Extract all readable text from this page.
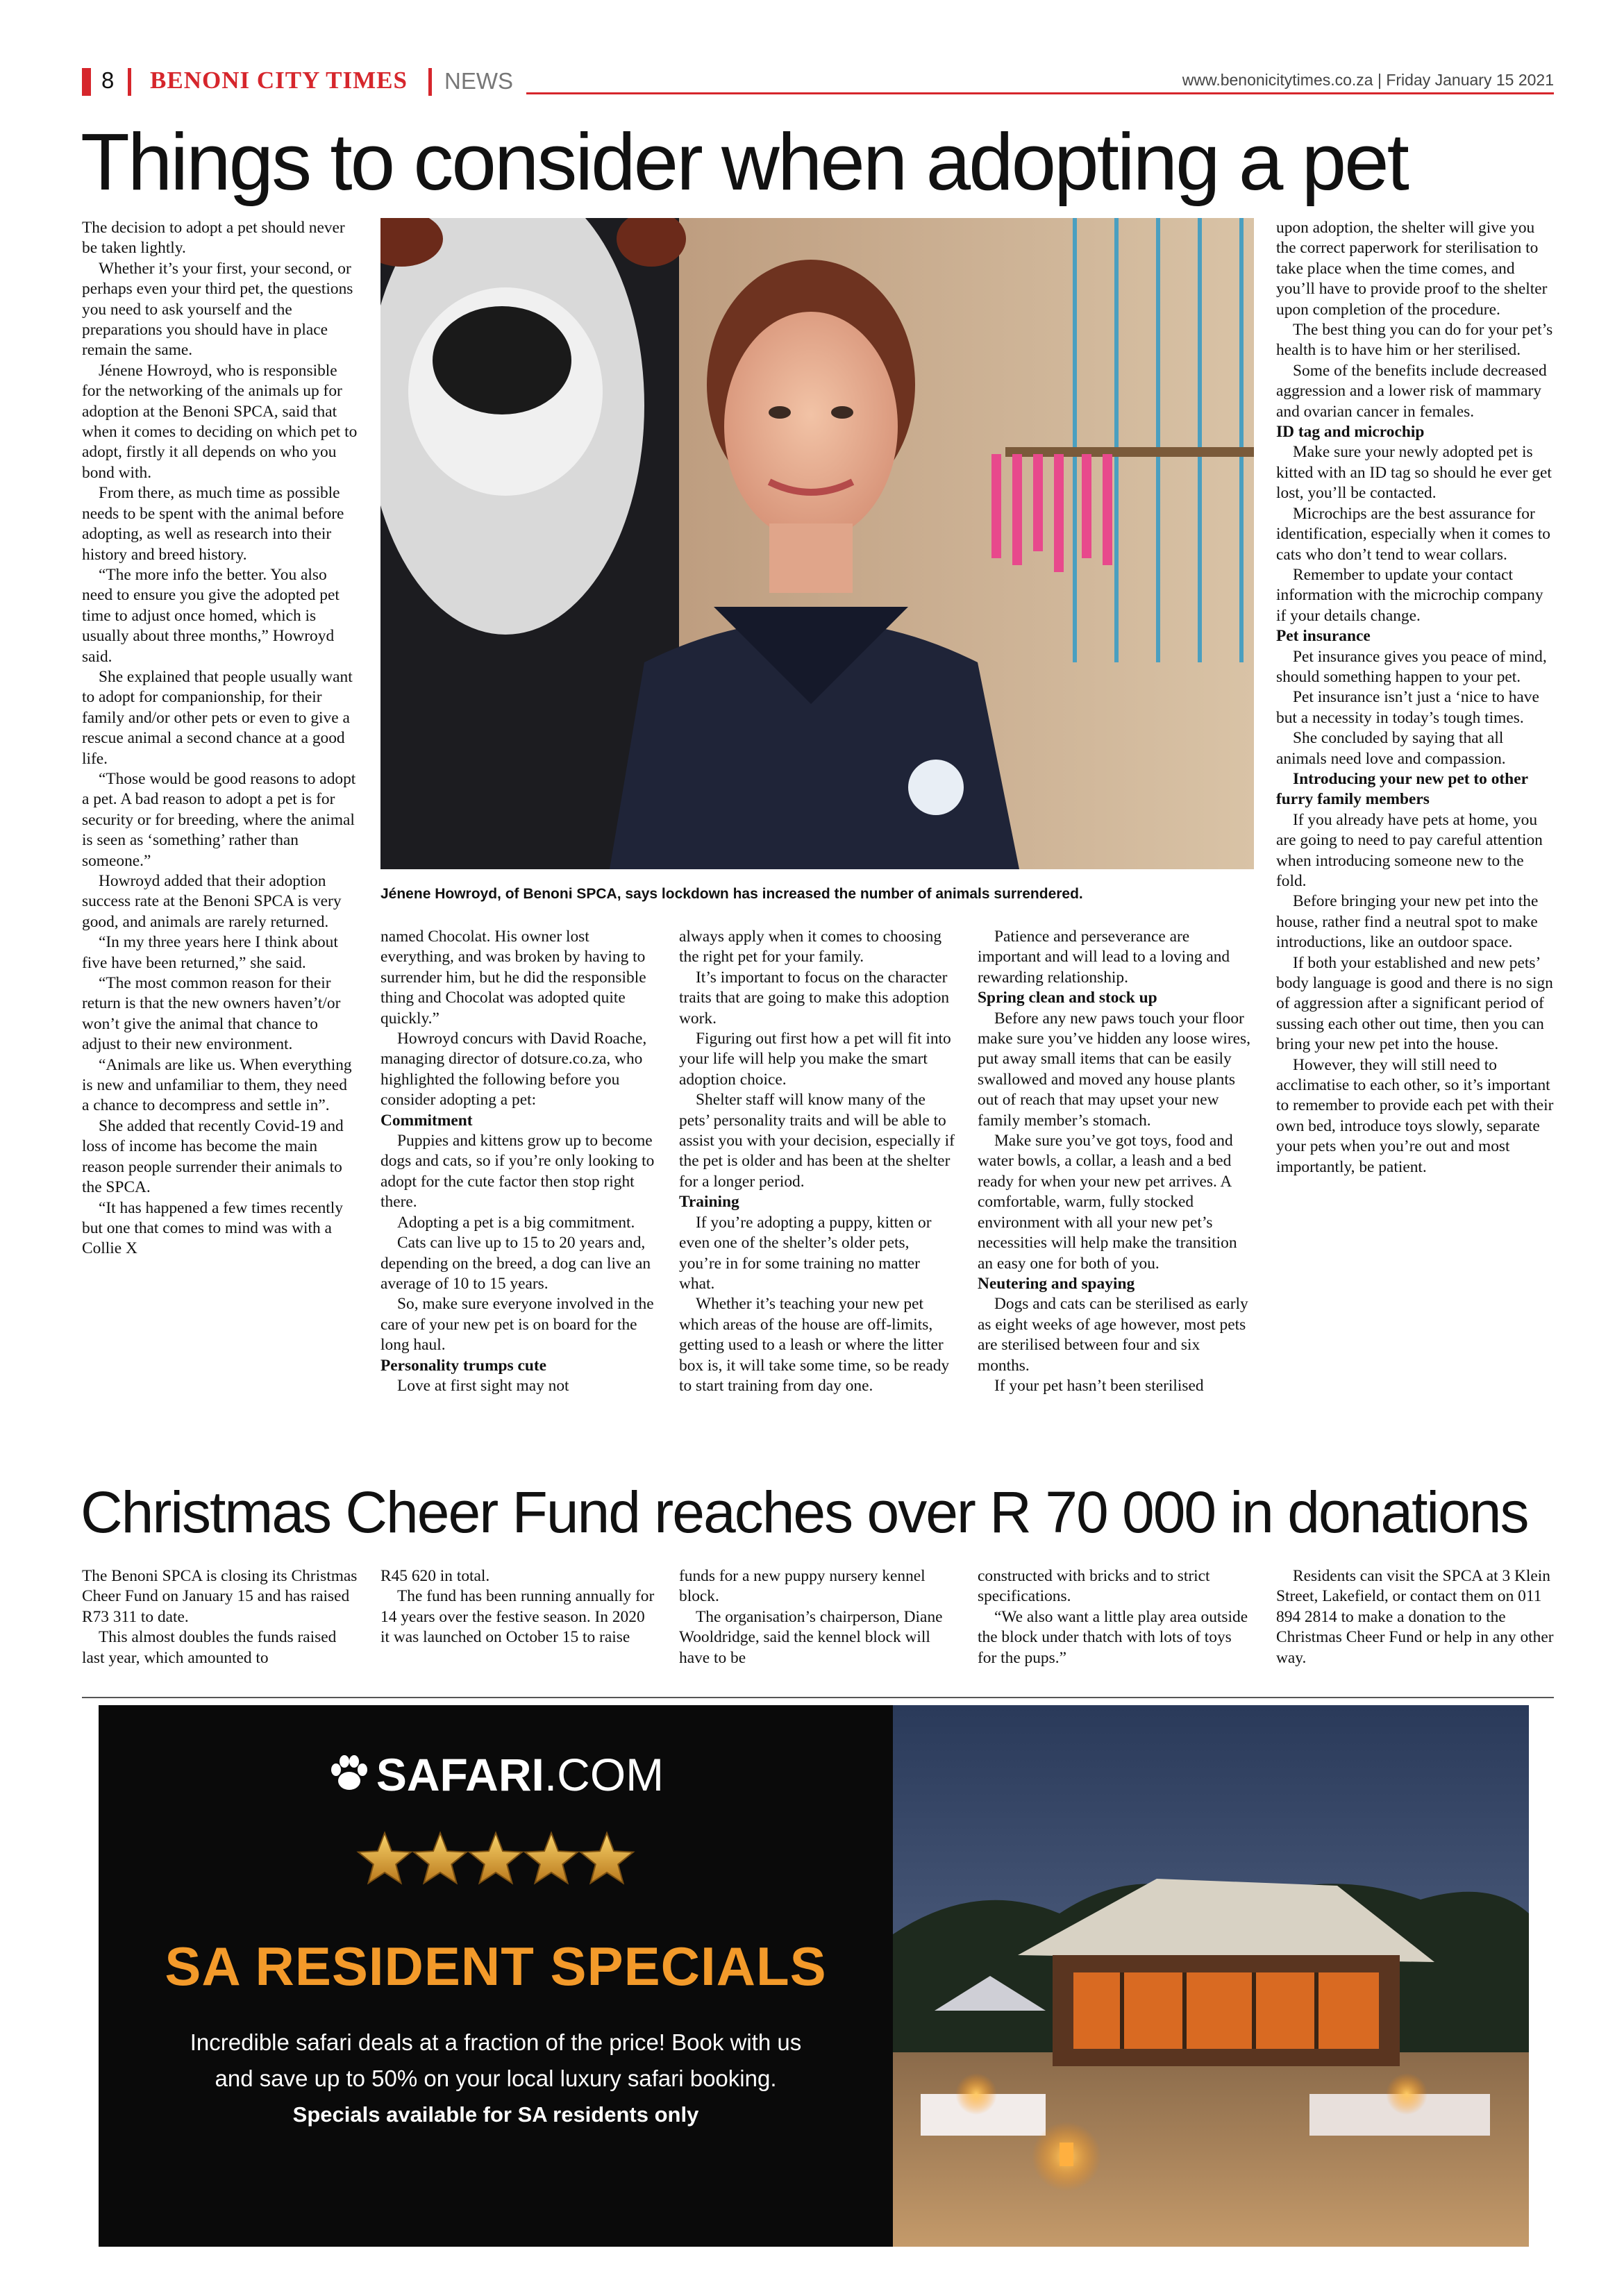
8 BENONI CITY TIMES NEWS	www.benonicitytimes.co.za | Friday January 15 2021
Things to consider when adopting a pet

The decision to adopt a pet should never be taken lightly.

Whether it’s your first, your second, or perhaps even your third pet, the questions you need to ask yourself and the preparations you should have in place remain the same.

Jénene Howroyd, who is responsible for the networking of the animals up for adoption at the Benoni SPCA, said that when it comes to deciding on which pet to adopt, firstly it all depends on who you bond with.

From there, as much time as possible needs to be spent with the animal before adopting, as well as research into their history and breed history.

“The more info the better. You also need to ensure you give the adopted pet time to adjust once homed, which is usually about three months,” Howroyd said.

She explained that people usually want to adopt for companionship, for their family and/or other pets or even to give a rescue animal a second chance at a good life.

“Those would be good reasons to adopt a pet. A bad reason to adopt a pet is for security or for breeding, where the animal is seen as ‘something’ rather than someone.”

Howroyd added that their adoption success rate at the Benoni SPCA is very good, and animals are rarely returned.

“In my three years here I think about five have been returned,” she said.

“The most common reason for their return is that the new owners haven’t/or won’t give the animal that chance to adjust to their new environment.

“Animals are like us. When everything is new and unfamiliar to them, they need a chance to decompress and settle in”.

She added that recently Covid-19 and loss of income has become the main reason people surrender their animals to the SPCA.

“It has happened a few times recently but one that comes to mind was with a Collie X

named Chocolat. His owner lost everything, and was broken by having to surrender him, but he did the responsible thing and Chocolat was adopted quite quickly.”

Howroyd concurs with David Roache, managing director of dotsure.co.za, who highlighted the following before you consider adopting a pet:

Commitment

Puppies and kittens grow up to become dogs and cats, so if you’re only looking to adopt for the cute factor then stop right there.

Adopting a pet is a big commitment.

Cats can live up to 15 to 20 years and, depending on the breed, a dog can live an average of 10 to 15 years.

So, make sure everyone involved in the care of your new pet is on board for the long haul.

Personality trumps cute

Love at first sight may not

always apply when it comes to choosing the right pet for your family.

It’s important to focus on the character traits that are going to make this adoption work.

Figuring out first how a pet will fit into your life will help you make the smart adoption choice.

Shelter staff will know many of the pets’ personality traits and will be able to assist you with your decision, especially if the pet is older and has been at the shelter for a longer period.

Training

If you’re adopting a puppy, kitten or even one of the shelter’s older pets, you’re in for some training no matter what.

Whether it’s teaching your new pet which areas of the house are off-limits, getting used to a leash or where the litter box is, it will take some time, so be ready to start training from day one.

Patience and perseverance are important and will lead to a loving and rewarding relationship.

Spring clean and stock up

Before any new paws touch your floor make sure you’ve hidden any loose wires, put away small items that can be easily swallowed and moved any house plants out of reach that may upset your new family member’s stomach.

Make sure you’ve got toys, food and water bowls, a collar, a leash and a bed ready for when your new pet arrives. A comfortable, warm, fully stocked environment with all your new pet’s necessities will help make the transition an easy one for both of you.

Neutering and spaying

Dogs and cats can be sterilised as early as eight weeks of age however, most pets are sterilised between four and six months.

If your pet hasn’t been sterilised

upon adoption, the shelter will give you the correct paperwork for sterilisation to take place when the time comes, and you’ll have to provide proof to the shelter upon completion of the procedure.

The best thing you can do for your pet’s health is to have him or her sterilised.

Some of the benefits include decreased aggression and a lower risk of mammary and ovarian cancer in females.

ID tag and microchip

Make sure your newly adopted pet is kitted with an ID tag so should he ever get lost, you’ll be contacted.

Microchips are the best assurance for identification, especially when it comes to cats who don’t tend to wear collars.

Remember to update your contact information with the microchip company if your details change.

Pet insurance

Pet insurance gives you peace of mind, should something happen to your pet.

Pet insurance isn’t just a ‘nice to have but a necessity in today’s tough times.

She concluded by saying that all animals need love and compassion.

Introducing your new pet to other furry family members

If you already have pets at home, you are going to need to pay careful attention when introducing someone new to the fold.

Before bringing your new pet into the house, rather find a neutral spot to make introductions, like an outdoor space.

If both your established and new pets’ body language is good and there is no sign of aggression after a significant period of sussing each other out time, then you can bring your new pet into the house.

However, they will still need to acclimatise to each other, so it’s important to remember to provide each pet with their own bed, introduce toys slowly, separate your pets when you’re out and most importantly, be patient.

Jénene Howroyd, of Benoni SPCA, says lockdown has increased the number of animals surrendered.
Christmas Cheer Fund reaches over R 70 000 in donations

The Benoni SPCA is closing its Christmas Cheer Fund on January 15 and has raised R73 311 to date.

This almost doubles the funds raised last year, which amounted to

R45 620 in total.

The fund has been running annually for 14 years over the festive season. In 2020 it was launched on October 15 to raise

funds for a new puppy nursery kennel block.

The organisation’s chairperson, Diane Wooldridge, said the kennel block will have to be

constructed with bricks and to strict specifications.

“We also want a little play area outside the block under thatch with lots of toys for the pups.”

Residents can visit the SPCA at 3 Klein Street, Lakefield, or contact them on 011 894 2814 to make a donation to the Christmas Cheer Fund or help in any other way.

SAFARI.COM
SA RESIDENT SPECIALS
Incredible safari deals at a fraction of the price! Book with us and save up to 50% on your local luxury safari booking.
Specials available for SA residents only
